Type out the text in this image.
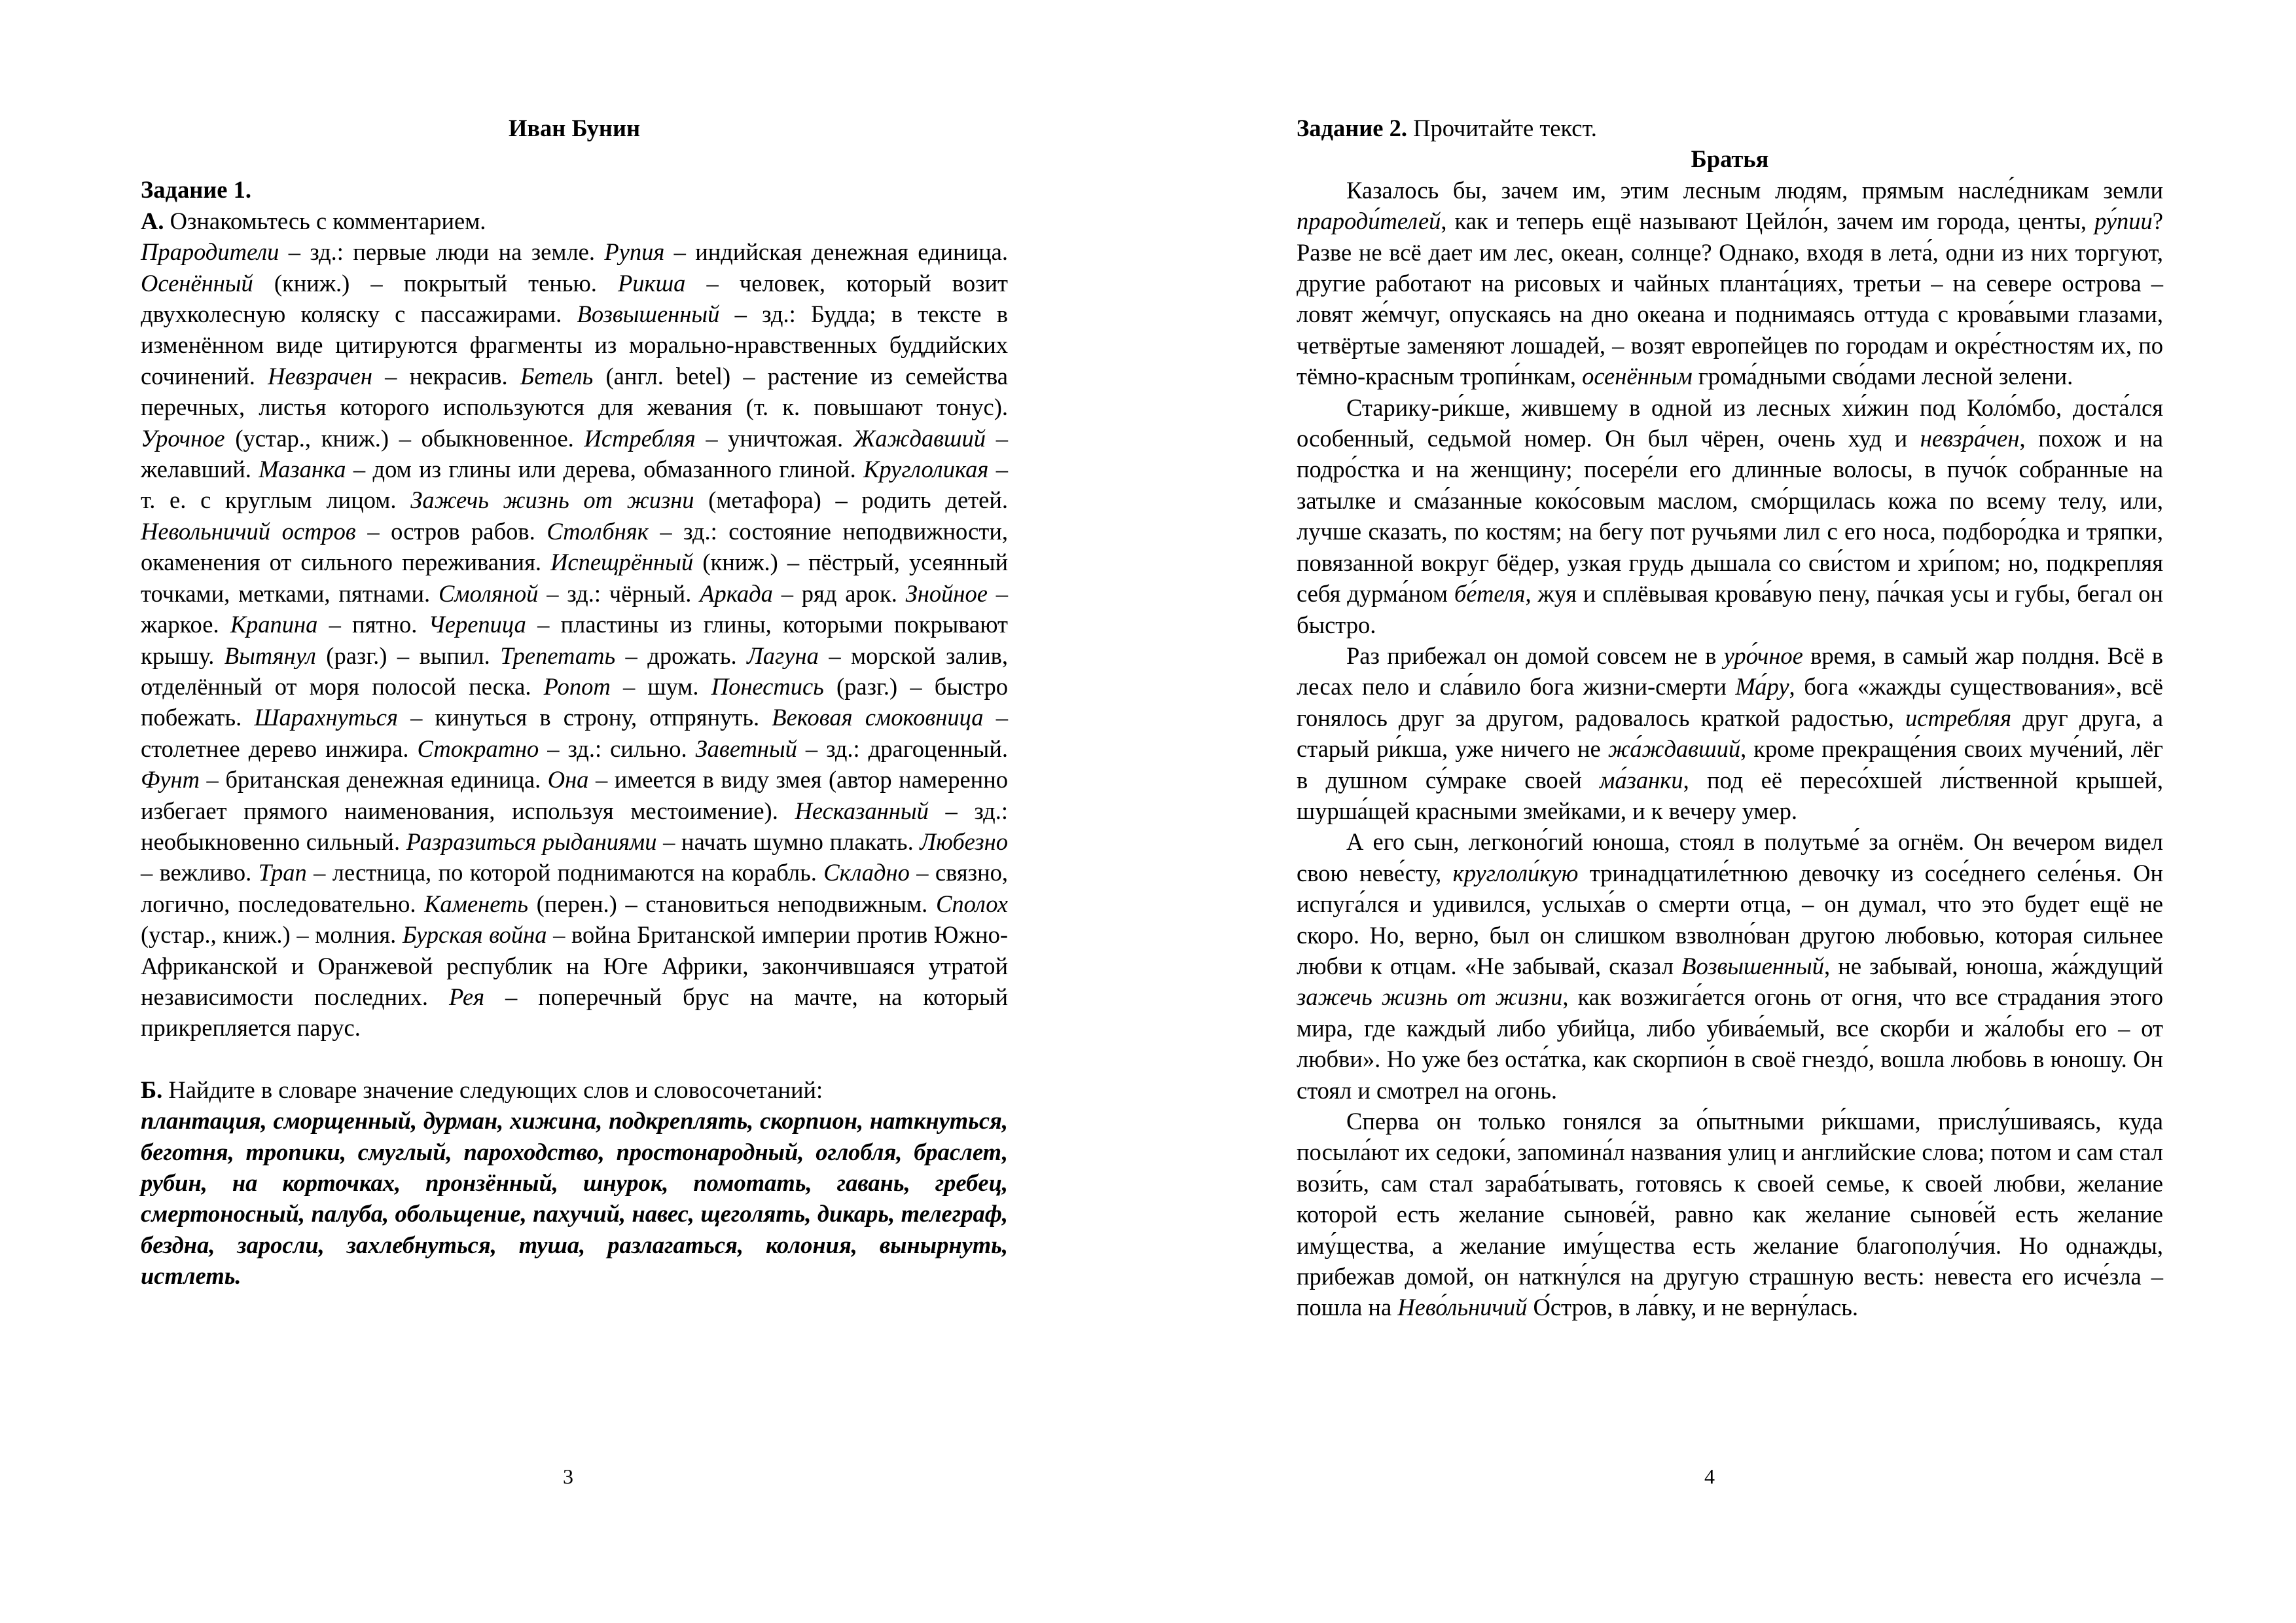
Иван Бунин

Задание 1.

А. Ознакомьтесь с комментарием.

Прародители – зд.: первые люди на земле. Рупия – индийская денежная единица. Осенённый (книж.) – покрытый тенью. Рикша – человек, который возит двухколесную коляску с пассажирами. Возвышенный – зд.: Будда; в тексте в изменённом виде цитируются фрагменты из морально-нравственных буддийских сочинений. Невзрачен – некрасив. Бетель (англ. betel) – растение из семейства перечных, листья которого используются для жевания (т. к. повышают тонус). Урочное (устар., книж.) – обыкновенное. Истребляя – уничтожая. Жаждавший – желавший. Мазанка – дом из глины или дерева, обмазанного глиной. Круглоликая – т. е. с круглым лицом. Зажечь жизнь от жизни (метафора) – родить детей. Невольничий остров – остров рабов. Столбняк – зд.: состояние неподвижности, окаменения от сильного переживания. Испещрённый (книж.) – пёстрый, усеянный точками, метками, пятнами. Смоляной – зд.: чёрный. Аркада – ряд арок. Знойное – жаркое. Крапина – пятно. Черепица – пластины из глины, которыми покрывают крышу. Вытянул (разг.) – выпил. Трепетать – дрожать. Лагуна – морской залив, отделённый от моря полосой песка. Ропот – шум. Понестись (разг.) – быстро побежать. Шарахнуться – кинуться в строну, отпрянуть. Вековая смоковница – столетнее дерево инжира. Стократно – зд.: сильно. Заветный – зд.: драгоценный. Фунт – британская денежная единица. Она – имеется в виду змея (автор намеренно избегает прямого наименования, используя местоимение). Несказанный – зд.: необыкновенно сильный. Разразиться рыданиями – начать шумно плакать. Любезно – вежливо. Трап – лестница, по которой поднимаются на корабль. Складно – связно, логично, последовательно. Каменеть (перен.) – становиться неподвижным. Сполох (устар., книж.) – молния. Бурская война – война Британской империи против Южно-Африканской и Оранжевой республик на Юге Африки, закончившаяся утратой независимости последних. Рея – поперечный брус на мачте, на который прикрепляется парус.

Б. Найдите в словаре значение следующих слов и словосочетаний:

плантация, сморщенный, дурман, хижина, подкреплять, скорпион, наткнуться, беготня, тропики, смуглый, пароходство, простонародный, оглобля, браслет, рубин, на корточках, пронзённый, шнурок, помотать, гавань, гребец, смертоносный, палуба, обольщение, пахучий, навес, щеголять, дикарь, телеграф, бездна, заросли, захлебнуться, туша, разлагаться, колония, вынырнуть, истлеть.

3

Задание 2. Прочитайте текст.

Братья

Казалось бы, зачем им, этим лесным людям, прямым насле́дникам земли прароди́телей, как и теперь ещё называют Цейло́н, зачем им города, центы, ру́пии? Разве не всё дает им лес, океан, солнце? Однако, входя в лета́, одни из них торгуют, другие работают на рисовых и чайных планта́циях, третьи – на севере острова – ловят же́мчуг, опускаясь на дно океана и поднимаясь оттуда с крова́выми глазами, четвёртые заменяют лошадей, – возят европейцев по городам и окре́стностям их, по тёмно-красным тропи́нкам, осенённым грома́дными сво́дами лесной зелени.

Старику-ри́кше, жившему в одной из лесных хи́жин под Коло́мбо, доста́лся особенный, седьмой номер. Он был чёрен, очень худ и невзра́чен, похож и на подро́стка и на женщину; посере́ли его длинные волосы, в пучо́к собранные на затылке и сма́занные коко́совым маслом, смо́рщилась кожа по всему телу, или, лучше сказать, по костям; на бегу пот ручьями лил с его носа, подборо́дка и тряпки, повязанной вокруг бёдер, узкая грудь дышала со сви́стом и хри́пом; но, подкрепляя себя дурма́ном бе́теля, жуя и сплёвывая крова́вую пену, па́чкая усы и губы, бегал он быстро.

Раз прибежал он домой совсем не в уро́чное время, в самый жар полдня. Всё в лесах пело и сла́вило бога жизни-смерти Ма́ру, бога «жажды существования», всё гонялось друг за другом, радовалось краткой радостью, истребляя друг друга, а старый ри́кша, уже ничего не жа́ждавший, кроме прекраще́ния своих муче́ний, лёг в душном су́мраке своей ма́занки, под её пересо́хшей ли́ственной крышей, шурша́щей красными змейками, и к вечеру умер.

А его сын, легконо́гий юноша, стоял в полутьме́ за огнём. Он вечером видел свою неве́сту, круглоли́кую тринадцатиле́тнюю девочку из сосе́днего селе́нья. Он испуга́лся и удивился, услыха́в о смерти отца, – он думал, что это будет ещё не скоро. Но, верно, был он слишком взволно́ван другою любовью, которая сильнее любви к отцам. «Не забывай, сказал Возвышенный, не забывай, юноша, жа́ждущий зажечь жизнь от жизни, как возжига́ется огонь от огня, что все страдания этого мира, где каждый либо убийца, либо убива́емый, все скорби и жа́лобы его – от любви». Но уже без оста́тка, как скорпио́н в своё гнездо́, вошла любовь в юношу. Он стоял и смотрел на огонь.

Сперва он только гонялся за о́пытными ри́кшами, прислу́шиваясь, куда посыла́ют их седоки́, запомина́л названия улиц и английские слова; потом и сам стал вози́ть, сам стал зараба́тывать, готовясь к своей семье, к своей любви, желание которой есть желание сынове́й, равно как желание сынове́й есть желание иму́щества, а желание иму́щества есть желание благополу́чия. Но однажды, прибежав домой, он наткну́лся на другую страшную весть: невеста его исче́зла – пошла на Нево́льничий О́стров, в ла́вку, и не верну́лась.

4
